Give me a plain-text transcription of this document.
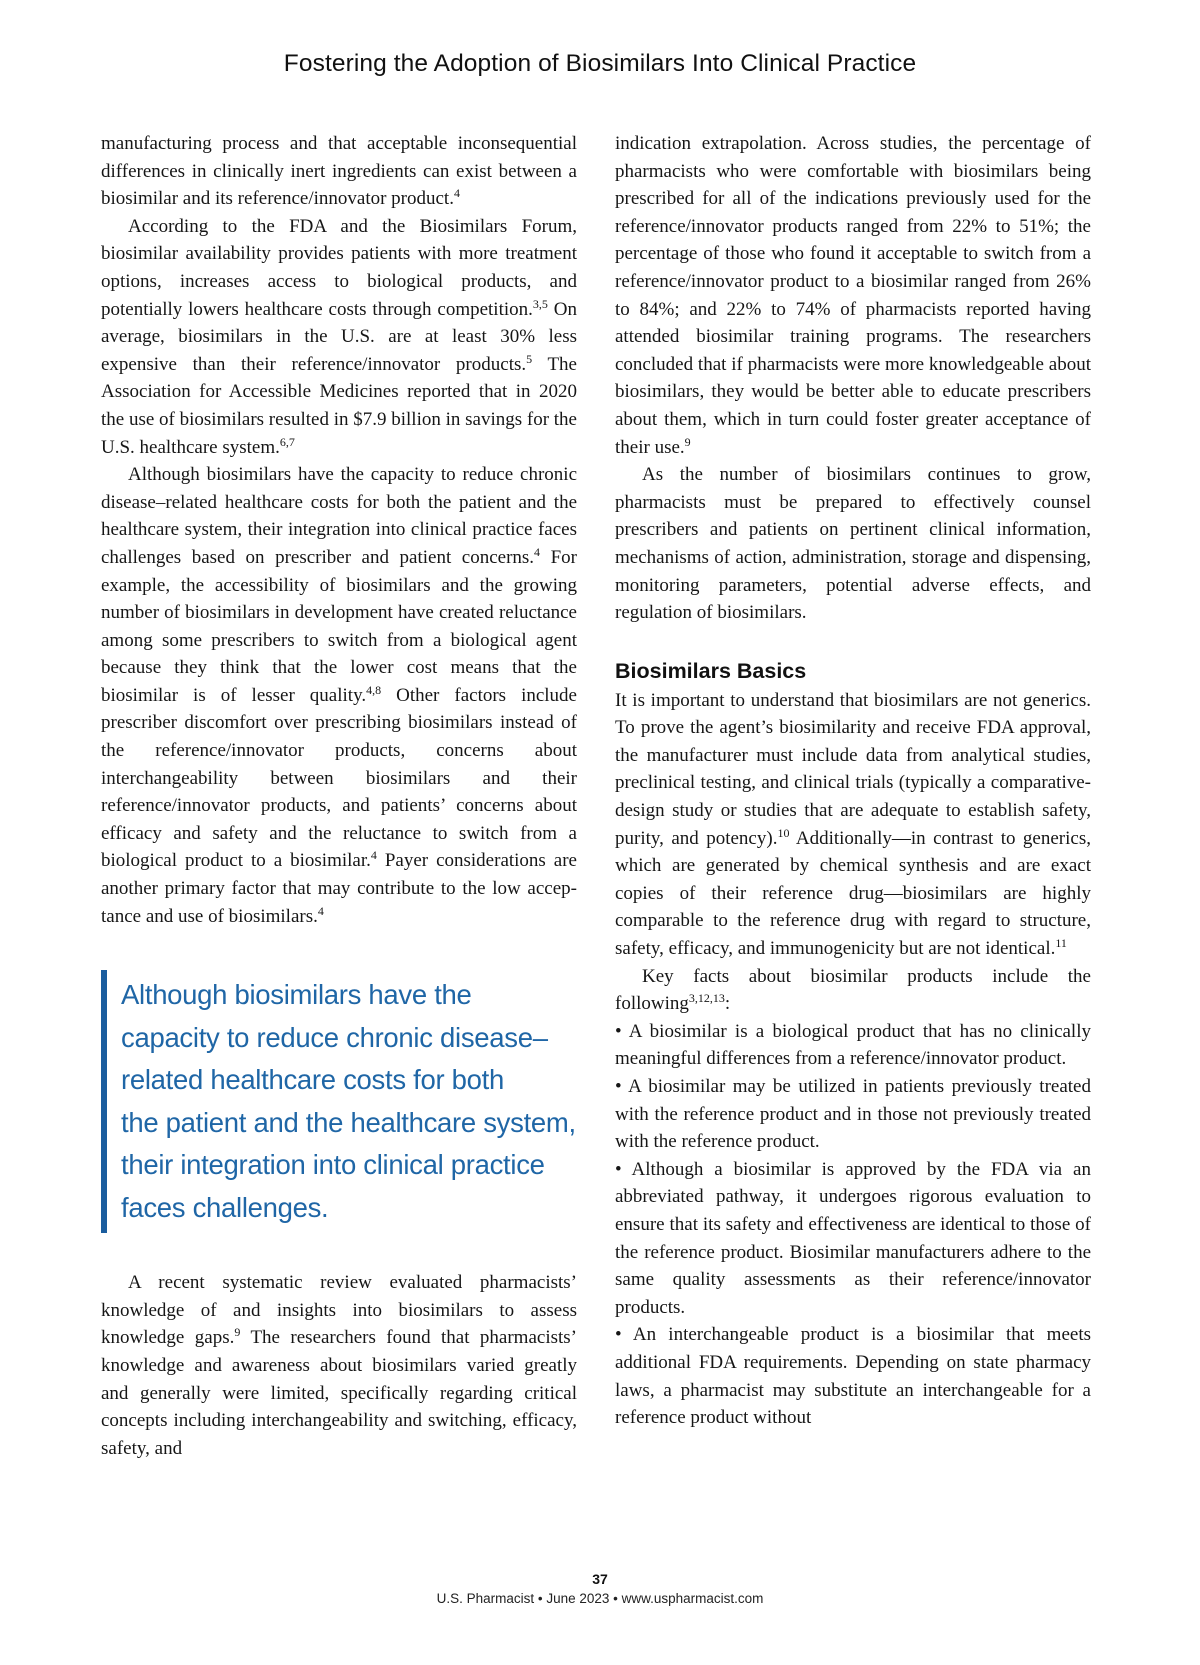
Fostering the Adoption of Biosimilars Into Clinical Practice

manufacturing process and that acceptable inconsequential differences in clinically inert ingredients can exist between a biosimilar and its reference/innovator product.$^4$

According to the FDA and the Biosimilars Forum, biosimilar availability provides patients with more treatment options, increases access to biological products, and potentially lowers healthcare costs through competition.$^{3,5}$ On average, biosimilars in the U.S. are at least 30% less expensive than their reference/innovator products.$^5$ The Association for Accessible Medicines reported that in 2020 the use of biosimilars resulted in $7.9 billion in savings for the U.S. healthcare system.$^{6,7}$

Although biosimilars have the capacity to reduce chronic disease–related healthcare costs for both the patient and the healthcare system, their integration into clinical practice faces challenges based on prescriber and patient concerns.$^4$ For example, the accessibility of biosimilars and the growing number of biosimilars in development have created reluctance among some prescribers to switch from a biological agent because they think that the lower cost means that the biosimilar is of lesser quality.$^{4,8}$ Other factors include prescriber discomfort over prescribing biosimilars instead of the reference/innovator products, concerns about interchangeability between biosimilars and their reference/innovator products, and patients’ concerns about efficacy and safety and the reluctance to switch from a biological product to a biosimilar.$^4$ Payer considerations are another primary factor that may contribute to the low acceptance and use of biosimilars.$^4$

Although biosimilars have the
capacity to reduce chronic disease–
related healthcare costs for both
the patient and the healthcare system,
their integration into clinical practice
faces challenges.

A recent systematic review evaluated pharmacists’ knowledge of and insights into biosimilars to assess knowledge gaps.$^9$ The researchers found that pharmacists’ knowledge and awareness about biosimilars varied greatly and generally were limited, specifically regarding critical concepts including interchangeability and switching, efficacy, safety, and

indication extrapolation. Across studies, the percentage of pharmacists who were comfortable with biosimilars being prescribed for all of the indications previously used for the reference/innovator products ranged from 22% to 51%; the percentage of those who found it acceptable to switch from a reference/​innovator product to a biosimilar ranged from 26% to 84%; and 22% to 74% of pharmacists reported having attended biosimilar training programs. The researchers concluded that if pharmacists were more knowledgeable about biosimilars, they would be better able to educate prescribers about them, which in turn could foster greater acceptance of their use.$^9$

As the number of biosimilars continues to grow, pharmacists must be prepared to effectively counsel prescribers and patients on pertinent clinical information, mechanisms of action, administration, storage and dispensing, monitoring parameters, potential adverse effects, and regulation of biosimilars.

Biosimilars Basics

It is important to understand that biosimilars are not generics. To prove the agent’s biosimilarity and receive FDA approval, the manufacturer must include data from analytical studies, preclinical testing, and clinical trials (typically a comparative-design study or studies that are adequate to establish safety, purity, and potency).$^{10}$ Additionally—in contrast to generics, which are generated by chemical synthesis and are exact copies of their reference drug—biosimilars are highly comparable to the reference drug with regard to structure, safety, efficacy, and immunogenicity but are not identical.$^{11}$

Key facts about biosimilar products include the following$^{3,12,13}$:

• A biosimilar is a biological product that has no clinically meaningful differences from a reference/​innovator product.

• A biosimilar may be utilized in patients previously treated with the reference product and in those not previously treated with the reference product.

• Although a biosimilar is approved by the FDA via an abbreviated pathway, it undergoes rigorous evaluation to ensure that its safety and effectiveness are identical to those of the reference product. Biosimilar manufacturers adhere to the same quality assessments as their reference/innovator products.

• An interchangeable product is a biosimilar that meets additional FDA requirements. Depending on state pharmacy laws, a pharmacist may substitute an interchangeable for a reference product without

37
U.S. Pharmacist • June 2023 • www.uspharmacist.com
